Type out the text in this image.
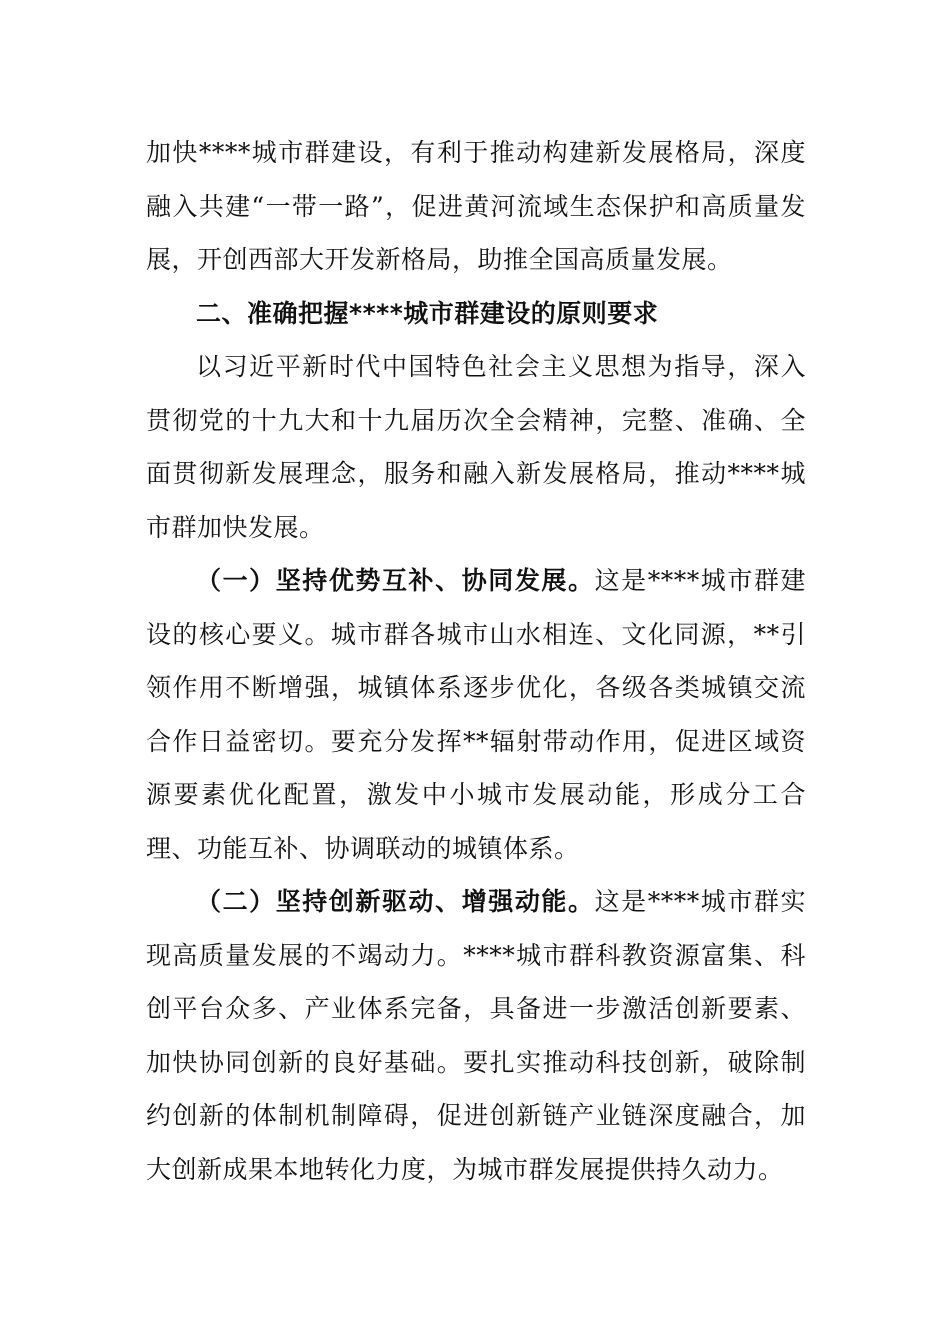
加快****城市群建设，有利于推动构建新发展格局，深度融入共建“一带一路”，促进黄河流域生态保护和高质量发展，开创西部大开发新格局，助推全国高质量发展。

二、准确把握****城市群建设的原则要求

以习近平新时代中国特色社会主义思想为指导，深入贯彻党的十九大和十九届历次全会精神，完整、准确、全面贯彻新发展理念，服务和融入新发展格局，推动****城市群加快发展。

（一）坚持优势互补、协同发展。这是****城市群建设的核心要义。城市群各城市山水相连、文化同源，**引领作用不断增强，城镇体系逐步优化，各级各类城镇交流合作日益密切。要充分发挥**辐射带动作用，促进区域资源要素优化配置，激发中小城市发展动能，形成分工合理、功能互补、协调联动的城镇体系。

（二）坚持创新驱动、增强动能。这是****城市群实现高质量发展的不竭动力。****城市群科教资源富集、科创平台众多、产业体系完备，具备进一步激活创新要素、加快协同创新的良好基础。要扎实推动科技创新，破除制约创新的体制机制障碍，促进创新链产业链深度融合，加大创新成果本地转化力度，为城市群发展提供持久动力。
